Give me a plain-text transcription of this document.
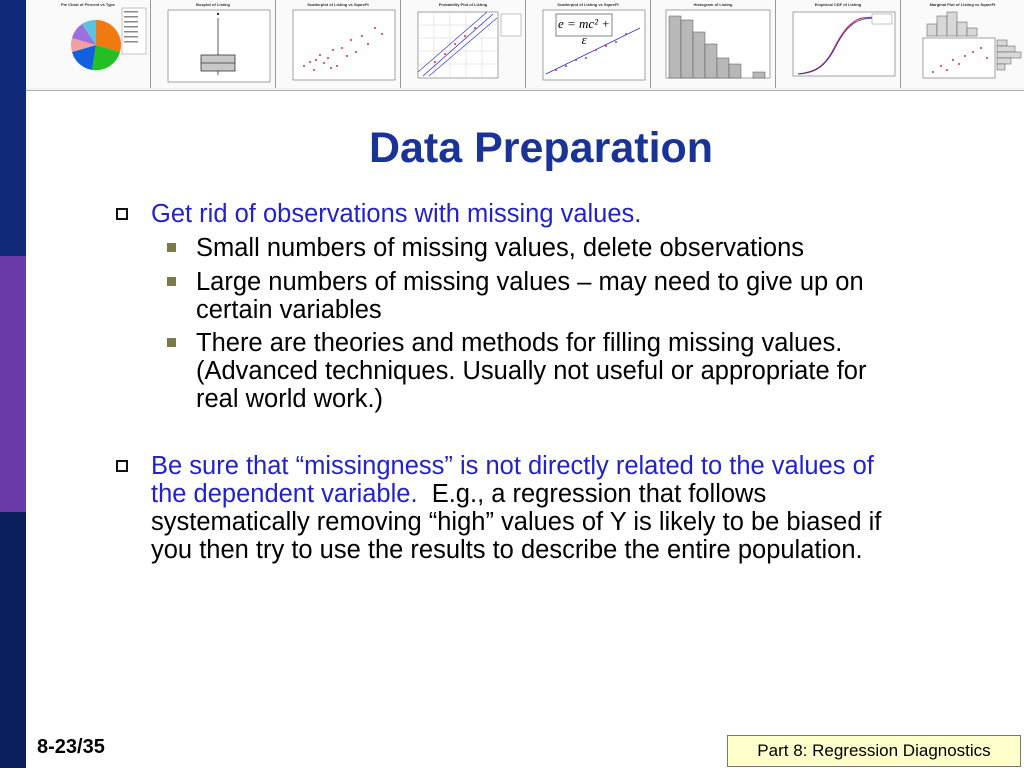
Pie Chart of Percent vs Type	Boxplot of Listing	Scatterplot of Listing vs SqareFt	Probability Plot of Listing	Scatterplot of Listing vs SqareFt
e = mc² + ε
Histogram of Listing	Empirical CDF of Listing	Marginal Plot of Listing vs SqareFt
Data Preparation
Get rid of observations with missing values.
Small numbers of missing values, delete observations
Large numbers of missing values – may need to give up on certain variables
There are theories and methods for filling missing values. (Advanced techniques. Usually not useful or appropriate for real world work.)
Be sure that “missingness” is not directly related to the values of the dependent variable.  E.g., a regression that follows systematically removing “high” values of Y is likely to be biased if you then try to use the results to describe the entire population.
8-23/35	Part 8: Regression Diagnostics
